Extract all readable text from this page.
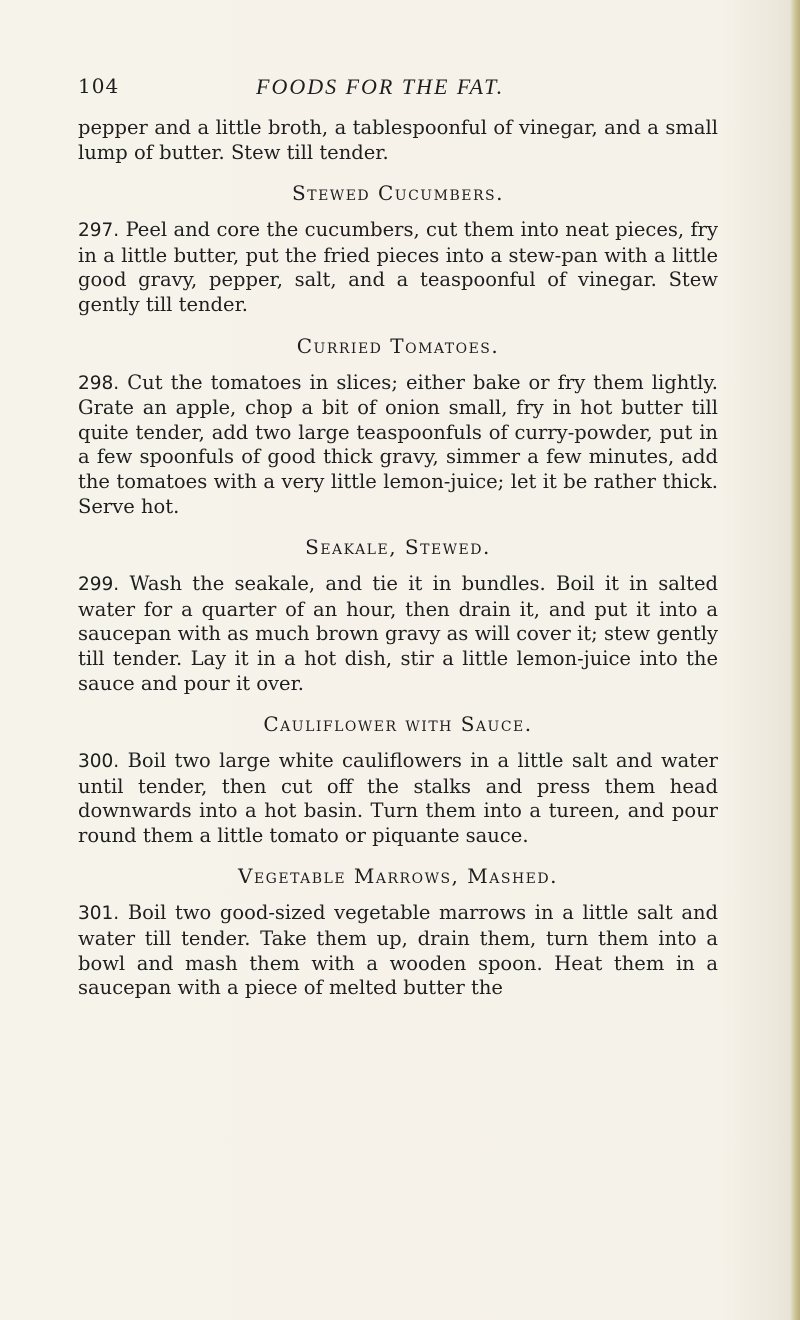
104	FOODS FOR THE FAT.

pepper and a little broth, a tablespoonful of vinegar, and a small lump of butter. Stew till tender.

Stewed Cucumbers.

297. Peel and core the cucumbers, cut them into neat pieces, fry in a little butter, put the fried pieces into a stew-pan with a little good gravy, pepper, salt, and a teaspoonful of vinegar. Stew gently till tender.

Curried Tomatoes.

298. Cut the tomatoes in slices; either bake or fry them lightly. Grate an apple, chop a bit of onion small, fry in hot butter till quite tender, add two large teaspoonfuls of curry-powder, put in a few spoonfuls of good thick gravy, simmer a few minutes, add the tomatoes with a very little lemon-juice; let it be rather thick. Serve hot.

Seakale, Stewed.

299. Wash the seakale, and tie it in bundles. Boil it in salted water for a quarter of an hour, then drain it, and put it into a saucepan with as much brown gravy as will cover it; stew gently till tender. Lay it in a hot dish, stir a little lemon-juice into the sauce and pour it over.

Cauliflower with Sauce.

300. Boil two large white cauliflowers in a little salt and water until tender, then cut off the stalks and press them head downwards into a hot basin. Turn them into a tureen, and pour round them a little tomato or piquante sauce.

Vegetable Marrows, Mashed.

301. Boil two good-sized vegetable marrows in a little salt and water till tender. Take them up, drain them, turn them into a bowl and mash them with a wooden spoon. Heat them in a saucepan with a piece of melted butter the
